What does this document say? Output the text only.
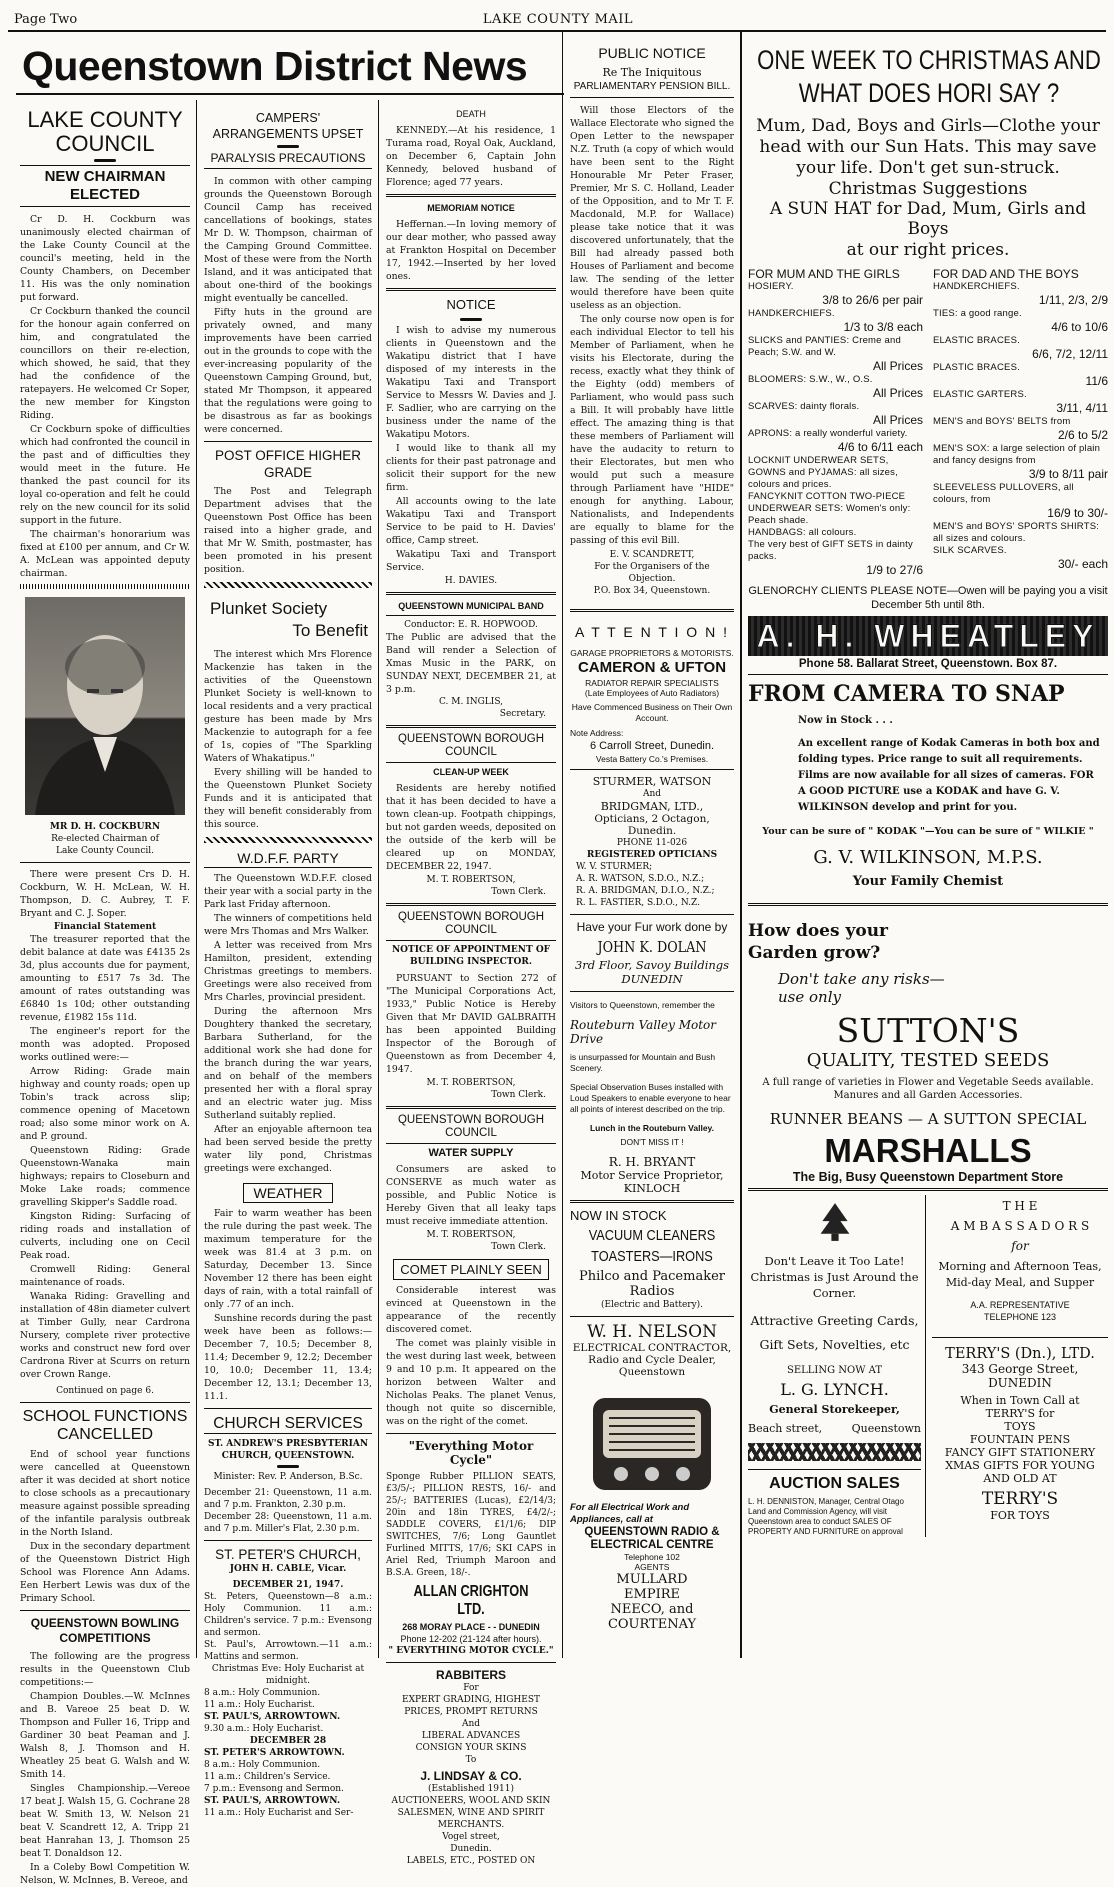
Page Two	LAKE COUNTY MAIL
Queenstown District News
LAKE COUNTY COUNCIL
NEW CHAIRMAN ELECTED
Cr D. H. Cockburn was unanimously elected chairman of the Lake County Council at the council's meeting, held in the County Chambers, on December 11. His was the only nomination put forward.
Cr Cockburn thanked the council for the honour again conferred on him, and congratulated the councillors on their re-election, which showed, he said, that they had the confidence of the ratepayers. He welcomed Cr Soper, the new member for Kingston Riding.
Cr Cockburn spoke of difficulties which had confronted the council in the past and of difficulties they would meet in the future. He thanked the past council for its loyal co-operation and felt he could rely on the new council for its solid support in the future.
The chairman's honorarium was fixed at £100 per annum, and Cr W. A. McLean was appointed deputy chairman.
MR D. H. COCKBURN
Re-elected Chairman of
Lake County Council.
There were present Crs D. H. Cockburn, W. H. McLean, W. H. Thompson, D. C. Aubrey, T. F. Bryant and C. J. Soper.
Financial Statement
The treasurer reported that the debit balance at date was £4135 2s 3d, plus accounts due for payment, amounting to £517 7s 3d. The amount of rates outstanding was £6840 1s 10d; other outstanding revenue, £1982 15s 11d.
The engineer's report for the month was adopted. Proposed works outlined were:—
Arrow Riding: Grade main highway and county roads; open up Tobin's track across slip; commence opening of Macetown road; also some minor work on A. and P. ground.
Queenstown Riding: Grade Queenstown-Wanaka main highways; repairs to Closeburn and Moke Lake roads; commence gravelling Skipper's Saddle road.
Kingston Riding: Surfacing of riding roads and installation of culverts, including one on Cecil Peak road.
Cromwell Riding: General maintenance of roads.
Wanaka Riding: Gravelling and installation of 48in diameter culvert at Timber Gully, near Cardrona Nursery, complete river protective works and construct new ford over Cardrona River at Scurrs on return over Crown Range.
Continued on page 6.
SCHOOL FUNCTIONS CANCELLED
End of school year functions were cancelled at Queenstown after it was decided at short notice to close schools as a precautionary measure against possible spreading of the infantile paralysis outbreak in the North Island.
Dux in the secondary department of the Queenstown District High School was Florence Ann Adams. Een Herbert Lewis was dux of the Primary School.
QUEENSTOWN BOWLING COMPETITIONS
The following are the progress results in the Queenstown Club competitions:—
Champion Doubles.—W. McInnes and B. Vareoe 25 beat D. W. Thompson and Fuller 16, Tripp and Gardiner 30 beat Peaman and J. Walsh 8, J. Thomson and H. Wheatley 25 beat G. Walsh and W. Smith 14.
Singles Championship.—Vereoe 17 beat J. Walsh 15, G. Cochrane 28 beat W. Smith 13, W. Nelson 21 beat V. Scandrett 12, A. Tripp 21 beat Hanrahan 13, J. Thomson 25 beat T. Donaldson 12.
In a Coleby Bowl Competition W. Nelson, W. McInnes, B. Vereoe, and
CAMPERS' ARRANGEMENTS UPSET
PARALYSIS PRECAUTIONS
In common with other camping grounds the Queenstown Borough Council Camp has received cancellations of bookings, states Mr D. W. Thompson, chairman of the Camping Ground Committee. Most of these were from the North Island, and it was anticipated that about one-third of the bookings might eventually be cancelled.
Fifty huts in the ground are privately owned, and many improvements have been carried out in the grounds to cope with the ever-increasing popularity of the Queenstown Camping Ground, but, stated Mr Thompson, it appeared that the regulations were going to be disastrous as far as bookings were concerned.
POST OFFICE HIGHER GRADE
The Post and Telegraph Department advises that the Queenstown Post Office has been raised into a higher grade, and that Mr W. Smith, postmaster, has been promoted in his present position.
Plunket Society
To Benefit
The interest which Mrs Florence Mackenzie has taken in the activities of the Queenstown Plunket Society is well-known to local residents and a very practical gesture has been made by Mrs Mackenzie to autograph for a fee of 1s, copies of "The Sparkling Waters of Whakatipus."
Every shilling will be handed to the Queenstown Plunket Society Funds and it is anticipated that they will benefit considerably from this source.
W.D.F.F. PARTY
The Queenstown W.D.F.F. closed their year with a social party in the Park last Friday afternoon.
The winners of competitions held were Mrs Thomas and Mrs Walker.
A letter was received from Mrs Hamilton, president, extending Christmas greetings to members. Greetings were also received from Mrs Charles, provincial president.
During the afternoon Mrs Doughtery thanked the secretary, Barbara Sutherland, for the additional work she had done for the branch during the war years, and on behalf of the members presented her with a floral spray and an electric water jug. Miss Sutherland suitably replied.
After an enjoyable afternoon tea had been served beside the pretty water lily pond, Christmas greetings were exchanged.
WEATHER
Fair to warm weather has been the rule during the past week. The maximum temperature for the week was 81.4 at 3 p.m. on Saturday, December 13. Since November 12 there has been eight days of rain, with a total rainfall of only .77 of an inch.
Sunshine records during the past week have been as follows:—December 7, 10.5; December 8, 11.4; December 9, 12.2; December 10, 10.0; December 11, 13.4; December 12, 13.1; December 13, 11.1.
CHURCH SERVICES
ST. ANDREW'S PRESBYTERIAN CHURCH, QUEENSTOWN.
Minister: Rev. P. Anderson, B.Sc.
December 21: Queenstown, 11 a.m. and 7 p.m. Frankton, 2.30 p.m.
December 28: Queenstown, 11 a.m. and 7 p.m. Miller's Flat, 2.30 p.m.
ST. PETER'S CHURCH,
JOHN H. CABLE, Vicar.
DECEMBER 21, 1947.
St. Peters, Queenstown—8 a.m.: Holy Communion. 11 a.m.: Children's service. 7 p.m.: Evensong and sermon.
St. Paul's, Arrowtown.—11 a.m.: Mattins and sermon.
Christmas Eve: Holy Eucharist at midnight.
8 a.m.: Holy Communion.
11 a.m.: Holy Eucharist.
ST. PAUL'S, ARROWTOWN.
9.30 a.m.: Holy Eucharist.
DECEMBER 28
ST. PETER'S ARROWTOWN.
8 a.m.: Holy Communion.
11 a.m.: Children's Service.
7 p.m.: Evensong and Sermon.
ST. PAUL'S, ARROWTOWN.
11 a.m.: Holy Eucharist and Ser-
DEATH
KENNEDY.—At his residence, 1 Turama road, Royal Oak, Auckland, on December 6, Captain John Kennedy, beloved husband of Florence; aged 77 years.
MEMORIAM NOTICE
Heffernan.—In loving memory of our dear mother, who passed away at Frankton Hospital on December 17, 1942.—Inserted by her loved ones.
NOTICE
I wish to advise my numerous clients in Queenstown and the Wakatipu district that I have disposed of my interests in the Wakatipu Taxi and Transport Service to Messrs W. Davies and J. F. Sadlier, who are carrying on the business under the name of the Wakatipu Motors.
I would like to thank all my clients for their past patronage and solicit their support for the new firm.
All accounts owing to the late Wakatipu Taxi and Transport Service to be paid to H. Davies' office, Camp street.
Wakatipu Taxi and Transport Service.
H. DAVIES.
QUEENSTOWN MUNICIPAL BAND
Conductor: E. R. HOPWOOD.
The Public are advised that the Band will render a Selection of Xmas Music in the PARK, on SUNDAY NEXT, DECEMBER 21, at 3 p.m.
C. M. INGLIS,
Secretary.
QUEENSTOWN BOROUGH COUNCIL
CLEAN-UP WEEK
Residents are hereby notified that it has been decided to have a town clean-up. Footpath chippings, but not garden weeds, deposited on the outside of the kerb will be cleared up on MONDAY, DECEMBER 22, 1947.
M. T. ROBERTSON,
Town Clerk.
QUEENSTOWN BOROUGH COUNCIL
NOTICE OF APPOINTMENT OF BUILDING INSPECTOR.
PURSUANT to Section 272 of "The Municipal Corporations Act, 1933," Public Notice is Hereby Given that Mr DAVID GALBRAITH has been appointed Building Inspector of the Borough of Queenstown as from December 4, 1947.
M. T. ROBERTSON,
Town Clerk.
QUEENSTOWN BOROUGH COUNCIL
WATER SUPPLY
Consumers are asked to CONSERVE as much water as possible, and Public Notice is Hereby Given that all leaky taps must receive immediate attention.
M. T. ROBERTSON,
Town Clerk.
COMET PLAINLY SEEN
Considerable interest was evinced at Queenstown in the appearance of the recently discovered comet.
The comet was plainly visible in the west during last week, between 9 and 10 p.m. It appeared on the horizon between Walter and Nicholas Peaks. The planet Venus, though not quite so discernible, was on the right of the comet.
"Everything Motor Cycle"
Sponge Rubber PILLION SEATS, £3/5/-; PILLION RESTS, 16/- and 25/-; BATTERIES (Lucas), £2/14/3; 20in and 18in TYRES, £4/2/-; SADDLE COVERS, £1/1/6; DIP SWITCHES, 7/6; Long Gauntlet Furlined MITTS, 17/6; SKI CAPS in Ariel Red, Triumph Maroon and B.S.A. Green, 18/-.
ALLAN CRIGHTON LTD.
268 MORAY PLACE - - DUNEDIN
Phone 12-202 (21-124 after hours).
" EVERYTHING MOTOR CYCLE."
RABBITERS
For
EXPERT GRADING, HIGHEST PRICES, PROMPT RETURNS
And
LIBERAL ADVANCES
CONSIGN YOUR SKINS
To
J. LINDSAY & CO.
(Established 1911)
AUCTIONEERS, WOOL AND SKIN SALESMEN, WINE AND SPIRIT MERCHANTS.
Vogel street,
Dunedin.
LABELS, ETC., POSTED ON
PUBLIC NOTICE
Re The Iniquitous
PARLIAMENTARY PENSION BILL.
Will those Electors of the Wallace Electorate who signed the Open Letter to the newspaper N.Z. Truth (a copy of which would have been sent to the Right Honourable Mr Peter Fraser, Premier, Mr S. C. Holland, Leader of the Opposition, and to Mr T. F. Macdonald, M.P. for Wallace) please take notice that it was discovered unfortunately, that the Bill had already passed both Houses of Parliament and become law. The sending of the letter would therefore have been quite useless as an objection.
The only course now open is for each individual Elector to tell his Member of Parliament, when he visits his Electorate, during the recess, exactly what they think of the Eighty (odd) members of Parliament, who would pass such a Bill. It will probably have little effect. The amazing thing is that these members of Parliament will have the audacity to return to their Electorates, but men who would put such a measure through Parliament have "HIDE" enough for anything. Labour, Nationalists, and Independents are equally to blame for the passing of this evil Bill.
E. V. SCANDRETT,
For the Organisers of the Objection.
P.O. Box 34, Queenstown.
A T T E N T I O N !
GARAGE PROPRIETORS & MOTORISTS.
CAMERON & UFTON
RADIATOR REPAIR SPECIALISTS
(Late Employees of Auto Radiators)
Have Commenced Business on Their Own Account.
Note Address:
6 Carroll Street, Dunedin.
Vesta Battery Co.'s Premises.
STURMER, WATSON
And
BRIDGMAN, LTD.,
Opticians, 2 Octagon, Dunedin.
PHONE 11-026
REGISTERED OPTICIANS
W. V. STURMER;
A. R. WATSON, S.D.O., N.Z.;
R. A. BRIDGMAN, D.I.O., N.Z.;
R. L. FASTIER, S.D.O., N.Z.
Have your Fur work done by
JOHN K. DOLAN
3rd Floor, Savoy Buildings
DUNEDIN
Visitors to Queenstown, remember the
Routeburn Valley Motor Drive
is unsurpassed for Mountain and Bush Scenery.
Special Observation Buses installed with Loud Speakers to enable everyone to hear all points of interest described on the trip.
Lunch in the Routeburn Valley.
DON'T MISS IT !
R. H. BRYANT
Motor Service Proprietor,
KINLOCH
NOW IN STOCK
VACUUM CLEANERS
TOASTERS—IRONS
Philco and Pacemaker
Radios
(Electric and Battery).
W. H. NELSON
ELECTRICAL CONTRACTOR,
Radio and Cycle Dealer,
Queenstown
For all Electrical Work and Appliances, call at
QUEENSTOWN RADIO & ELECTRICAL CENTRE
Telephone 102
AGENTS
MULLARD
EMPIRE
NEECO, and
COURTENAY
ONE WEEK TO CHRISTMAS AND WHAT DOES HORI SAY ?
Mum, Dad, Boys and Girls—Clothe your head with our Sun Hats. This may save your life. Don't get sun-struck.
Christmas Suggestions
A SUN HAT for Dad, Mum, Girls and Boys
at our right prices.
FOR MUM AND THE GIRLS
HOSIERY.
3/8 to 26/6 per pair
HANDKERCHIEFS.
1/3 to 3/8 each
SLICKS and PANTIES: Creme and Peach; S.W. and W.
All Prices
BLOOMERS: S.W., W., O.S.
All Prices
SCARVES: dainty florals.
All Prices
APRONS: a really wonderful variety.
4/6 to 6/11 each
LOCKNIT UNDERWEAR SETS, GOWNS and PYJAMAS: all sizes, colours and prices.
FANCYKNIT COTTON TWO-PIECE UNDERWEAR SETS: Women's only: Peach shade.
HANDBAGS: all colours.
The very best of GIFT SETS in dainty packs.
1/9 to 27/6
FOR DAD AND THE BOYS
HANDKERCHIEFS.
1/11, 2/3, 2/9
TIES: a good range.
4/6 to 10/6
ELASTIC BRACES.
6/6, 7/2, 12/11
PLASTIC BRACES.
11/6
ELASTIC GARTERS.
3/11, 4/11
MEN'S and BOYS' BELTS from
2/6 to 5/2
MEN'S SOX: a large selection of plain and fancy designs from
3/9 to 8/11 pair
SLEEVELESS PULLOVERS, all colours, from
16/9 to 30/-
MEN'S and BOYS' SPORTS SHIRTS: all sizes and colours.
SILK SCARVES.
30/- each
GLENORCHY CLIENTS PLEASE NOTE—Owen will be paying you a visit December 5th until 8th.
A. H. WHEATLEY
Phone 58. Ballarat Street, Queenstown. Box 87.
FROM CAMERA TO SNAP
Now in Stock . . .
An excellent range of Kodak Cameras in both box and folding types. Price range to suit all requirements. Films are now available for all sizes of cameras. FOR A GOOD PICTURE use a KODAK and have G. V. WILKINSON develop and print for you.
Your can be sure of " KODAK "—You can be sure of " WILKIE "
G. V. WILKINSON, M.P.S.
Your Family Chemist
How does your
Garden grow?
Don't take any risks—
use only
SUTTON'S
QUALITY, TESTED SEEDS
A full range of varieties in Flower and Vegetable Seeds available. Manures and all Garden Accessories.
RUNNER BEANS — A SUTTON SPECIAL
MARSHALLS
The Big, Busy Queenstown Department Store
Don't Leave it Too Late! Christmas is Just Around the Corner.
Attractive Greeting Cards, Gift Sets, Novelties, etc
SELLING NOW AT
L. G. LYNCH.
General Storekeeper,
Beach street,	Queenstown
AUCTION SALES
L. H. DENNISTON, Manager, Central Otago Land and Commission Agency, will visit Queenstown area to conduct SALES OF PROPERTY AND FURNITURE on approval
T H E
A M B A S S A D O R S
for
Morning and Afternoon Teas, Mid-day Meal, and Supper
A.A. REPRESENTATIVE
TELEPHONE 123
TERRY'S (Dn.), LTD.
343 George Street,
DUNEDIN
When in Town Call at
TERRY'S for
TOYS
FOUNTAIN PENS
FANCY GIFT STATIONERY
XMAS GIFTS FOR YOUNG
AND OLD AT
TERRY'S
FOR TOYS
